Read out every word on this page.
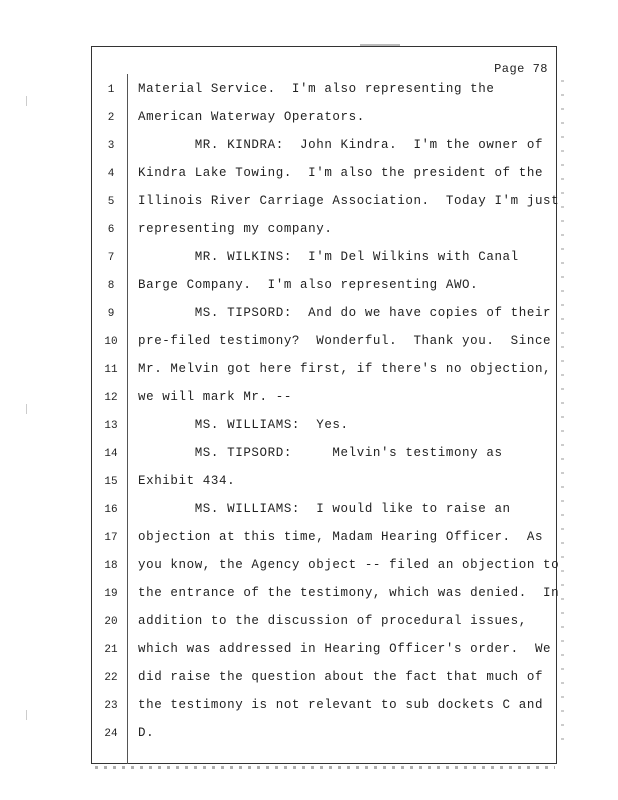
Page 78
1	Material Service.  I'm also representing the
2	American Waterway Operators.
3	MR. KINDRA:  John Kindra.  I'm the owner of
4	Kindra Lake Towing.  I'm also the president of the
5	Illinois River Carriage Association.  Today I'm just
6	representing my company.
7	MR. WILKINS:  I'm Del Wilkins with Canal
8	Barge Company.  I'm also representing AWO.
9	MS. TIPSORD:  And do we have copies of their
10	pre-filed testimony?  Wonderful.  Thank you.  Since
11	Mr. Melvin got here first, if there's no objection,
12	we will mark Mr. --
13	MS. WILLIAMS:  Yes.
14	MS. TIPSORD:     Melvin's testimony as
15	Exhibit 434.
16	MS. WILLIAMS:  I would like to raise an
17	objection at this time, Madam Hearing Officer.  As
18	you know, the Agency object -- filed an objection to
19	the entrance of the testimony, which was denied.  In
20	addition to the discussion of procedural issues,
21	which was addressed in Hearing Officer's order.  We
22	did raise the question about the fact that much of
23	the testimony is not relevant to sub dockets C and
24	D.
